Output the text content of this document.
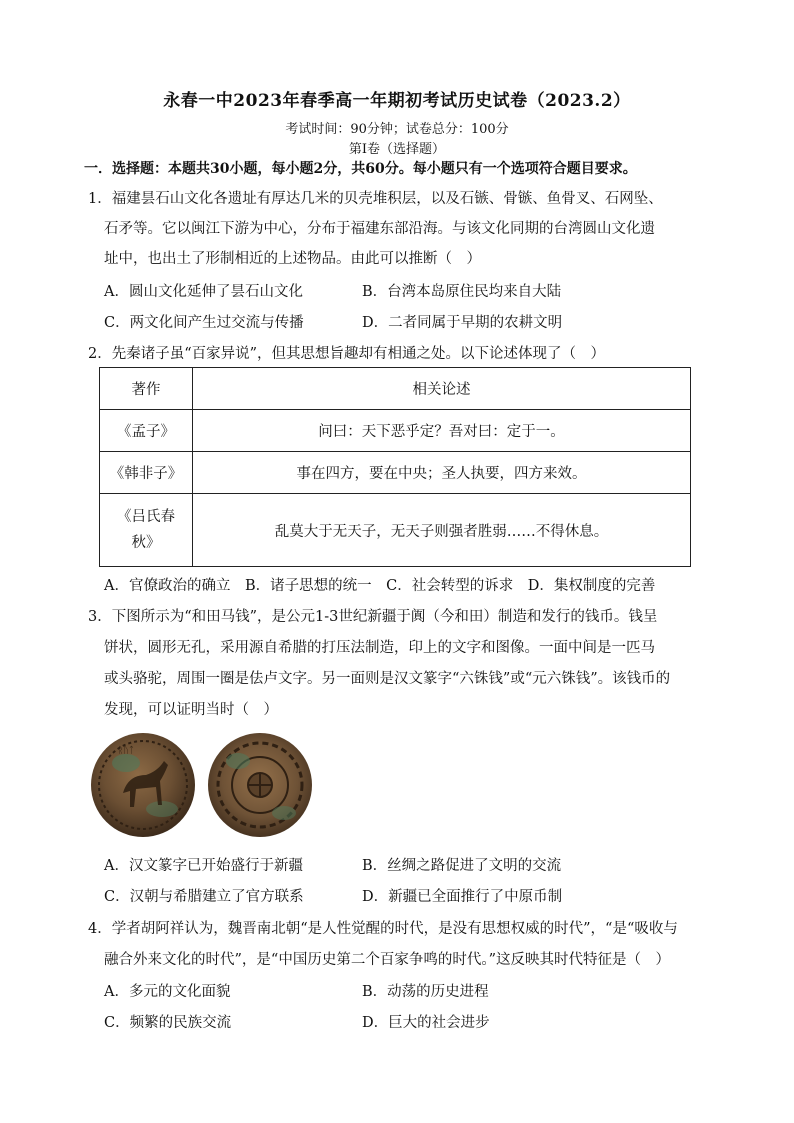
永春一中2023年春季高一年期初考试历史试卷（2023.2）
考试时间：90分钟；试卷总分：100分
第I卷（选择题）
一．选择题：本题共30小题，每小题2分，共60分。每小题只有一个选项符合题目要求。
1．福建昙石山文化各遗址有厚达几米的贝壳堆积层，以及石镞、骨镞、鱼骨叉、石网坠、
石矛等。它以闽江下游为中心，分布于福建东部沿海。与该文化同期的台湾圆山文化遗
址中，也出土了形制相近的上述物品。由此可以推断（　）
A．圆山文化延伸了昙石山文化	B．台湾本岛原住民均来自大陆
C．两文化间产生过交流与传播	D．二者同属于早期的农耕文明
2．先秦诸子虽“百家异说”，但其思想旨趣却有相通之处。以下论述体现了（　）
著作	相关论述
《孟子》	问曰：天下恶乎定？吾对曰：定于一。
《韩非子》	事在四方，要在中央；圣人执要，四方来效。

《吕氏春秋》	乱莫大于无天子，无天子则强者胜弱……不得休息。
A．官僚政治的确立　B．诸子思想的统一　C．社会转型的诉求　D．集权制度的完善
3．下图所示为“和田马钱”，是公元1-3世纪新疆于阗（今和田）制造和发行的钱币。钱呈
饼状，圆形无孔，采用源自希腊的打压法制造，印上的文字和图像。一面中间是一匹马
或头骆驼，周围一圈是佉卢文字。另一面则是汉文篆字“六铢钱”或“元六铢钱”。该钱币的
发现，可以证明当时（　）
ᚱᚢᛏ
A．汉文篆字已开始盛行于新疆	B．丝绸之路促进了文明的交流
C．汉朝与希腊建立了官方联系	D．新疆已全面推行了中原币制
4．学者胡阿祥认为，魏晋南北朝“是人性觉醒的时代，是没有思想权威的时代”，“是“吸收与
融合外来文化的时代”，是“中国历史第二个百家争鸣的时代。”这反映其时代特征是（　）
A．多元的文化面貌	B．动荡的历史进程
C．频繁的民族交流	D．巨大的社会进步
